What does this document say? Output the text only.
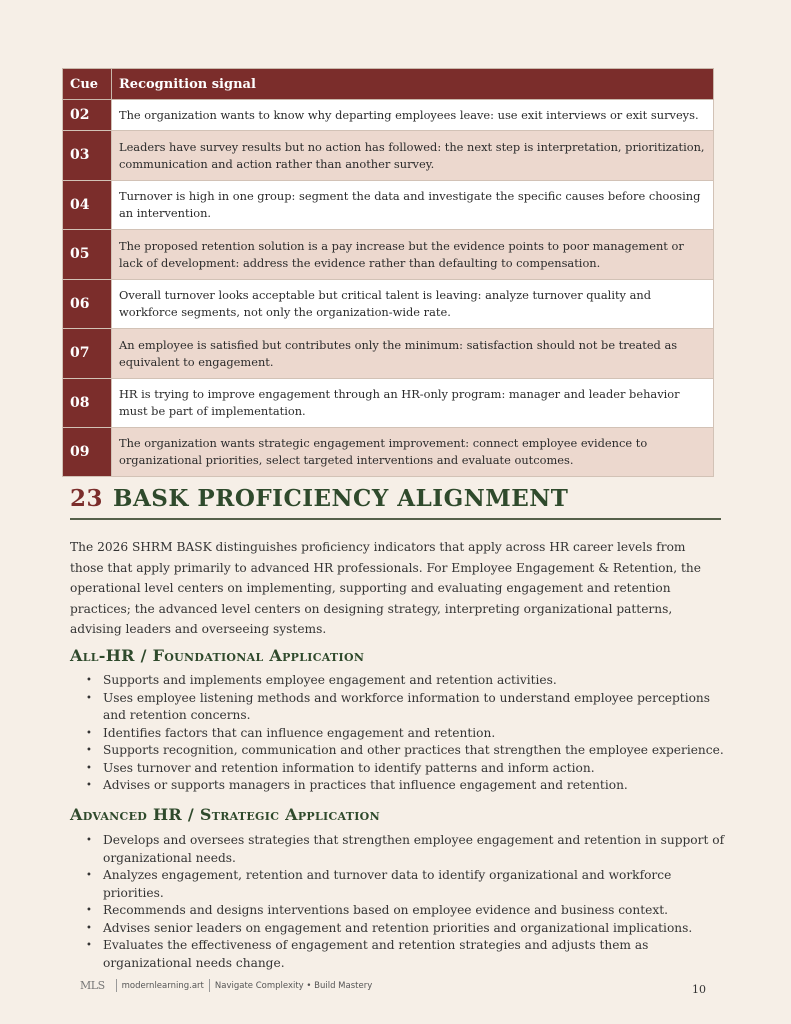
Cue	Recognition signal
02	The organization wants to know why departing employees leave: use exit interviews or exit surveys.
03	Leaders have survey results but no action has followed: the next step is interpretation, prioritization, communication and action rather than another survey.
04	Turnover is high in one group: segment the data and investigate the specific causes before choosing an intervention.
05	The proposed retention solution is a pay increase but the evidence points to poor management or lack of development: address the evidence rather than defaulting to compensation.
06	Overall turnover looks acceptable but critical talent is leaving: analyze turnover quality and workforce segments, not only the organization-wide rate.
07	An employee is satisfied but contributes only the minimum: satisfaction should not be treated as equivalent to engagement.
08	HR is trying to improve engagement through an HR-only program: manager and leader behavior must be part of implementation.
09	The organization wants strategic engagement improvement: connect employee evidence to organizational priorities, select targeted interventions and evaluate outcomes.
23 BASK PROFICIENCY ALIGNMENT
The 2026 SHRM BASK distinguishes proficiency indicators that apply across HR career levels from those that apply primarily to advanced HR professionals. For Employee Engagement & Retention, the operational level centers on implementing, supporting and evaluating engagement and retention practices; the advanced level centers on designing strategy, interpreting organizational patterns, advising leaders and overseeing systems.
All-HR / Foundational Application
• Supports and implements employee engagement and retention activities.
• Uses employee listening methods and workforce information to understand employee perceptions and retention concerns.
• Identifies factors that can influence engagement and retention.
• Supports recognition, communication and other practices that strengthen the employee experience.
• Uses turnover and retention information to identify patterns and inform action.
• Advises or supports managers in practices that influence engagement and retention.
Advanced HR / Strategic Application
• Develops and oversees strategies that strengthen employee engagement and retention in support of organizational needs.
• Analyzes engagement, retention and turnover data to identify organizational and workforce priorities.
• Recommends and designs interventions based on employee evidence and business context.
• Advises senior leaders on engagement and retention priorities and organizational implications.
• Evaluates the effectiveness of engagement and retention strategies and adjusts them as organizational needs change.
MLS modernlearning.art Navigate Complexity • Build Mastery	10
